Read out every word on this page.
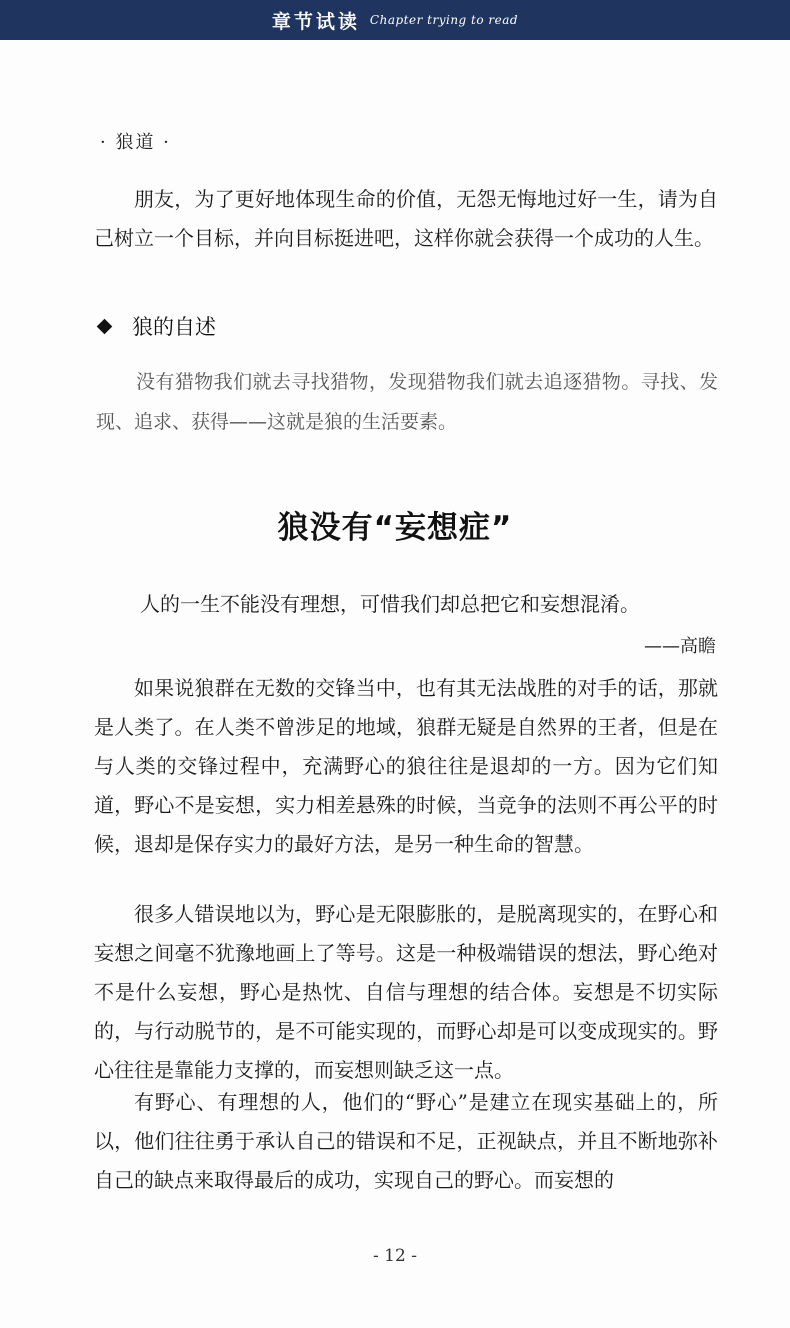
章节试读 Chapter trying to read
· 狼道 ·

朋友，为了更好地体现生命的价值，无怨无悔地过好一生，请为自己树立一个目标，并向目标挺进吧，这样你就会获得一个成功的人生。

狼的自述

没有猎物我们就去寻找猎物，发现猎物我们就去追逐猎物。寻找、发现、追求、获得——这就是狼的生活要素。

狼没有“妄想症”
人的一生不能没有理想，可惜我们却总把它和妄想混淆。
——高瞻

如果说狼群在无数的交锋当中，也有其无法战胜的对手的话，那就是人类了。在人类不曾涉足的地域，狼群无疑是自然界的王者，但是在与人类的交锋过程中，充满野心的狼往往是退却的一方。因为它们知道，野心不是妄想，实力相差悬殊的时候，当竞争的法则不再公平的时候，退却是保存实力的最好方法，是另一种生命的智慧。

很多人错误地以为，野心是无限膨胀的，是脱离现实的，在野心和妄想之间毫不犹豫地画上了等号。这是一种极端错误的想法，野心绝对不是什么妄想，野心是热忱、自信与理想的结合体。妄想是不切实际的，与行动脱节的，是不可能实现的，而野心却是可以变成现实的。野心往往是靠能力支撑的，而妄想则缺乏这一点。

有野心、有理想的人，他们的“野心”是建立在现实基础上的，所以，他们往往勇于承认自己的错误和不足，正视缺点，并且不断地弥补自己的缺点来取得最后的成功，实现自己的野心。而妄想的

- 12 -
